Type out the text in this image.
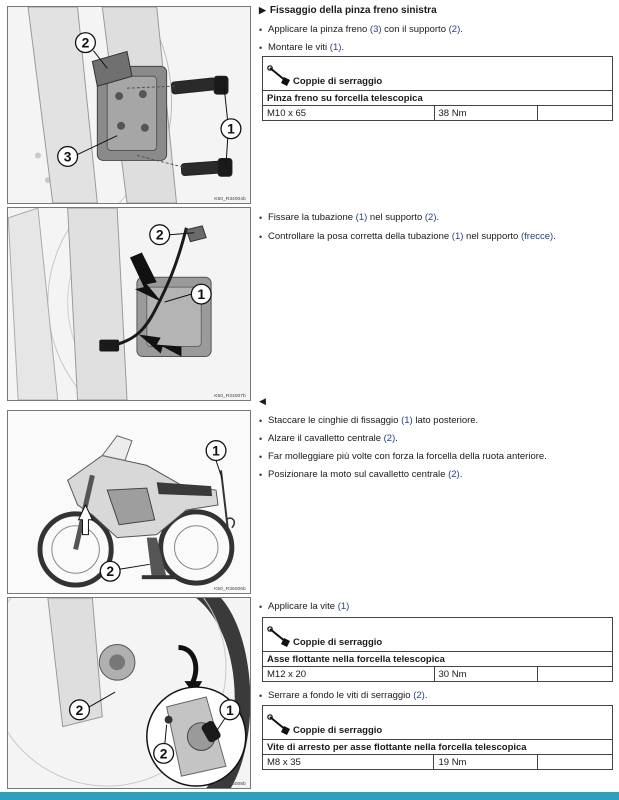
2
3
1
K50_R34004b
2
1
K50_R34007b
1
2
K50_R36006b
2
2
1
K50_R36008b
▶ Fissaggio della pinza freno sinistra
• Applicare la pinza freno (3) con il supporto (2).
• Montare le viti (1).
Coppie di serraggio

Pinza freno su forcella telescopica
M10 x 65	38 Nm	
• Fissare la tubazione (1) nel supporto (2).
• Controllare la posa corretta della tubazione (1) nel supporto (frecce).
◀
• Staccare le cinghie di fissaggio (1) lato posteriore.
• Alzare il cavalletto centrale (2).
• Far molleggiare più volte con forza la forcella della ruota anteriore.
• Posizionare la moto sul cavalletto centrale (2).
• Applicare la vite (1)
Coppie di serraggio

Asse flottante nella forcella telescopica
M12 x 20	30 Nm	
• Serrare a fondo le viti di serraggio (2).
Coppie di serraggio

Vite di arresto per asse flottante nella forcella telescopica
M8 x 35	19 Nm	
